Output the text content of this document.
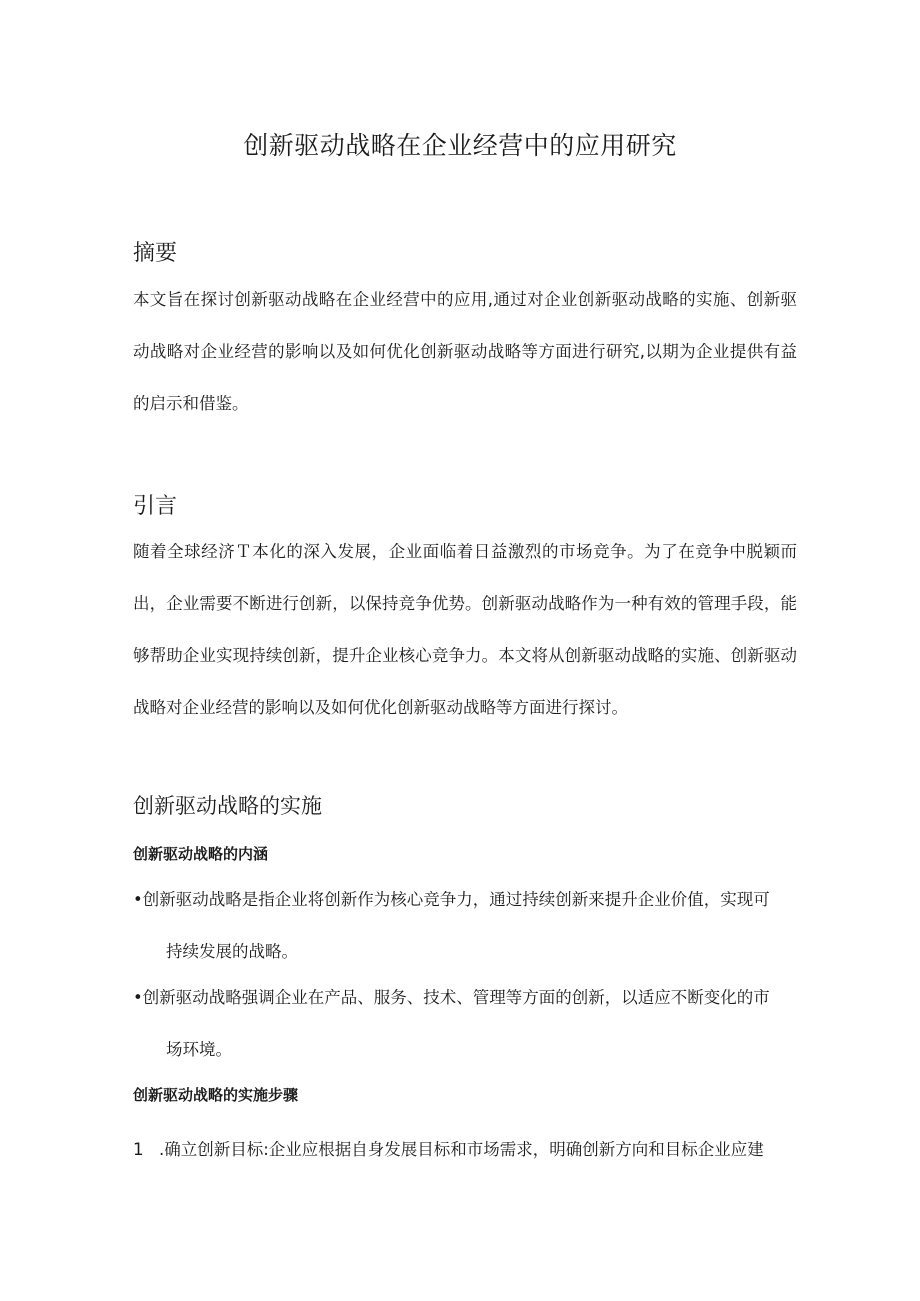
创新驱动战略在企业经营中的应用研究
摘要

本文旨在探讨创新驱动战略在企业经营中的应用,通过对企业创新驱动战略的实施、创新驱动战略对企业经营的影响以及如何优化创新驱动战略等方面进行研究,以期为企业提供有益的启示和借鉴。

引言

随着全球经济Ｔ本化的深入发展，企业面临着日益激烈的市场竞争。为了在竞争中脱颖而出，企业需要不断进行创新，以保持竞争优势。创新驱动战略作为一种有效的管理手段，能够帮助企业实现持续创新，提升企业核心竞争力。本文将从创新驱动战略的实施、创新驱动战略对企业经营的影响以及如何优化创新驱动战略等方面进行探讨。

创新驱动战略的实施
创新驱动战略的内涵

•创新驱动战略是指企业将创新作为核心竞争力，通过持续创新来提升企业价值，实现可
持续发展的战略。

•创新驱动战略强调企业在产品、服务、技术、管理等方面的创新，以适应不断变化的市
场环境。

创新驱动战略的实施步骤

1 .确立创新目标:企业应根据自身发展目标和市场需求，明确创新方向和目标企业应建
